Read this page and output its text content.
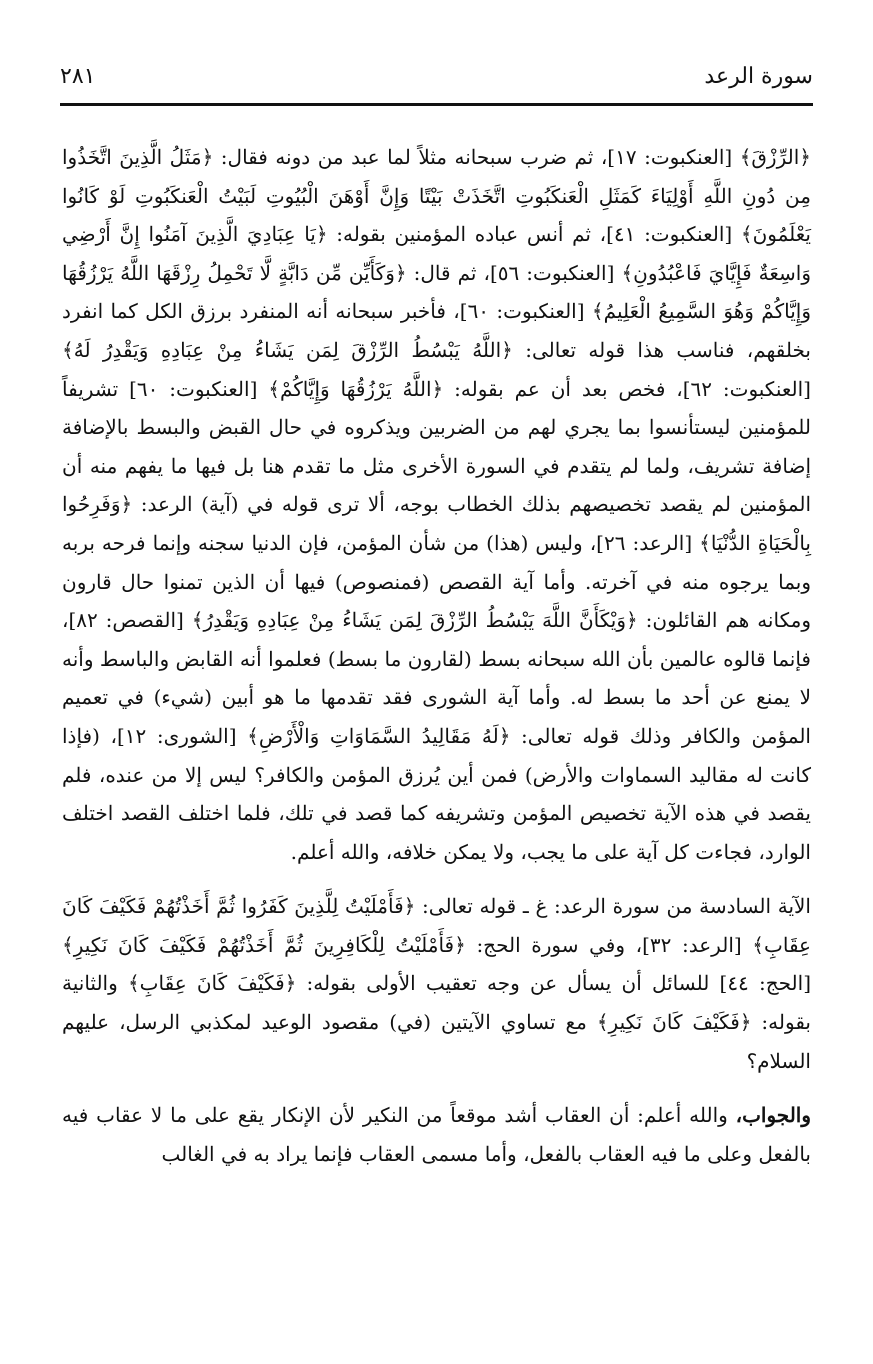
سورة الرعد
٢٨١

﴿الرِّزْقَ﴾ [العنكبوت: ١٧]، ثم ضرب سبحانه مثلاً لما عبد من دونه فقال: ﴿مَثَلُ الَّذِينَ اتَّخَذُوا مِن دُونِ اللَّهِ أَوْلِيَاءَ كَمَثَلِ الْعَنكَبُوتِ اتَّخَذَتْ بَيْتًا وَإِنَّ أَوْهَنَ الْبُيُوتِ لَبَيْتُ الْعَنكَبُوتِ لَوْ كَانُوا يَعْلَمُونَ﴾ [العنكبوت: ٤١]، ثم أنس عباده المؤمنين بقوله: ﴿يَا عِبَادِيَ الَّذِينَ آمَنُوا إِنَّ أَرْضِي وَاسِعَةٌ فَإِيَّايَ فَاعْبُدُونِ﴾ [العنكبوت: ٥٦]، ثم قال: ﴿وَكَأَيِّن مِّن دَابَّةٍ لَّا تَحْمِلُ رِزْقَهَا اللَّهُ يَرْزُقُهَا وَإِيَّاكُمْ وَهُوَ السَّمِيعُ الْعَلِيمُ﴾ [العنكبوت: ٦٠]، فأخبر سبحانه أنه المنفرد برزق الكل كما انفرد بخلقهم، فناسب هذا قوله تعالى: ﴿اللَّهُ يَبْسُطُ الرِّزْقَ لِمَن يَشَاءُ مِنْ عِبَادِهِ وَيَقْدِرُ لَهُ﴾ [العنكبوت: ٦٢]، فخص بعد أن عم بقوله: ﴿اللَّهُ يَرْزُقُهَا وَإِيَّاكُمْ﴾ [العنكبوت: ٦٠] تشريفاً للمؤمنين ليستأنسوا بما يجري لهم من الضربين ويذكروه في حال القبض والبسط بالإضافة إضافة تشريف، ولما لم يتقدم في السورة الأخرى مثل ما تقدم هنا بل فيها ما يفهم منه أن المؤمنين لم يقصد تخصيصهم بذلك الخطاب بوجه، ألا ترى قوله في (آية) الرعد: ﴿وَفَرِحُوا بِالْحَيَاةِ الدُّنْيَا﴾ [الرعد: ٢٦]، وليس (هذا) من شأن المؤمن، فإن الدنيا سجنه وإنما فرحه بربه وبما يرجوه منه في آخرته. وأما آية القصص (فمنصوص) فيها أن الذين تمنوا حال قارون ومكانه هم القائلون: ﴿وَيْكَأَنَّ اللَّهَ يَبْسُطُ الرِّزْقَ لِمَن يَشَاءُ مِنْ عِبَادِهِ وَيَقْدِرُ﴾ [القصص: ٨٢]، فإنما قالوه عالمين بأن الله سبحانه بسط (لقارون ما بسط) فعلموا أنه القابض والباسط وأنه لا يمنع عن أحد ما بسط له. وأما آية الشورى فقد تقدمها ما هو أبين (شيء) في تعميم المؤمن والكافر وذلك قوله تعالى: ﴿لَهُ مَقَالِيدُ السَّمَاوَاتِ وَالْأَرْضِ﴾ [الشورى: ١٢]، (فإذا كانت له مقاليد السماوات والأرض) فمن أين يُرزق المؤمن والكافر؟ ليس إلا من عنده، فلم يقصد في هذه الآية تخصيص المؤمن وتشريفه كما قصد في تلك، فلما اختلف القصد اختلف الوارد، فجاءت كل آية على ما يجب، ولا يمكن خلافه، والله أعلم.

الآية السادسة من سورة الرعد: غ ـ قوله تعالى: ﴿فَأَمْلَيْتُ لِلَّذِينَ كَفَرُوا ثُمَّ أَخَذْتُهُمْ فَكَيْفَ كَانَ عِقَابِ﴾ [الرعد: ٣٢]، وفي سورة الحج: ﴿فَأَمْلَيْتُ لِلْكَافِرِينَ ثُمَّ أَخَذْتُهُمْ فَكَيْفَ كَانَ نَكِيرِ﴾ [الحج: ٤٤] للسائل أن يسأل عن وجه تعقيب الأولى بقوله: ﴿فَكَيْفَ كَانَ عِقَابِ﴾ والثانية بقوله: ﴿فَكَيْفَ كَانَ نَكِيرِ﴾ مع تساوي الآيتين (في) مقصود الوعيد لمكذبي الرسل، عليهم السلام؟

والجواب، والله أعلم: أن العقاب أشد موقعاً من النكير لأن الإنكار يقع على ما لا عقاب فيه بالفعل وعلى ما فيه العقاب بالفعل، وأما مسمى العقاب فإنما يراد به في الغالب
